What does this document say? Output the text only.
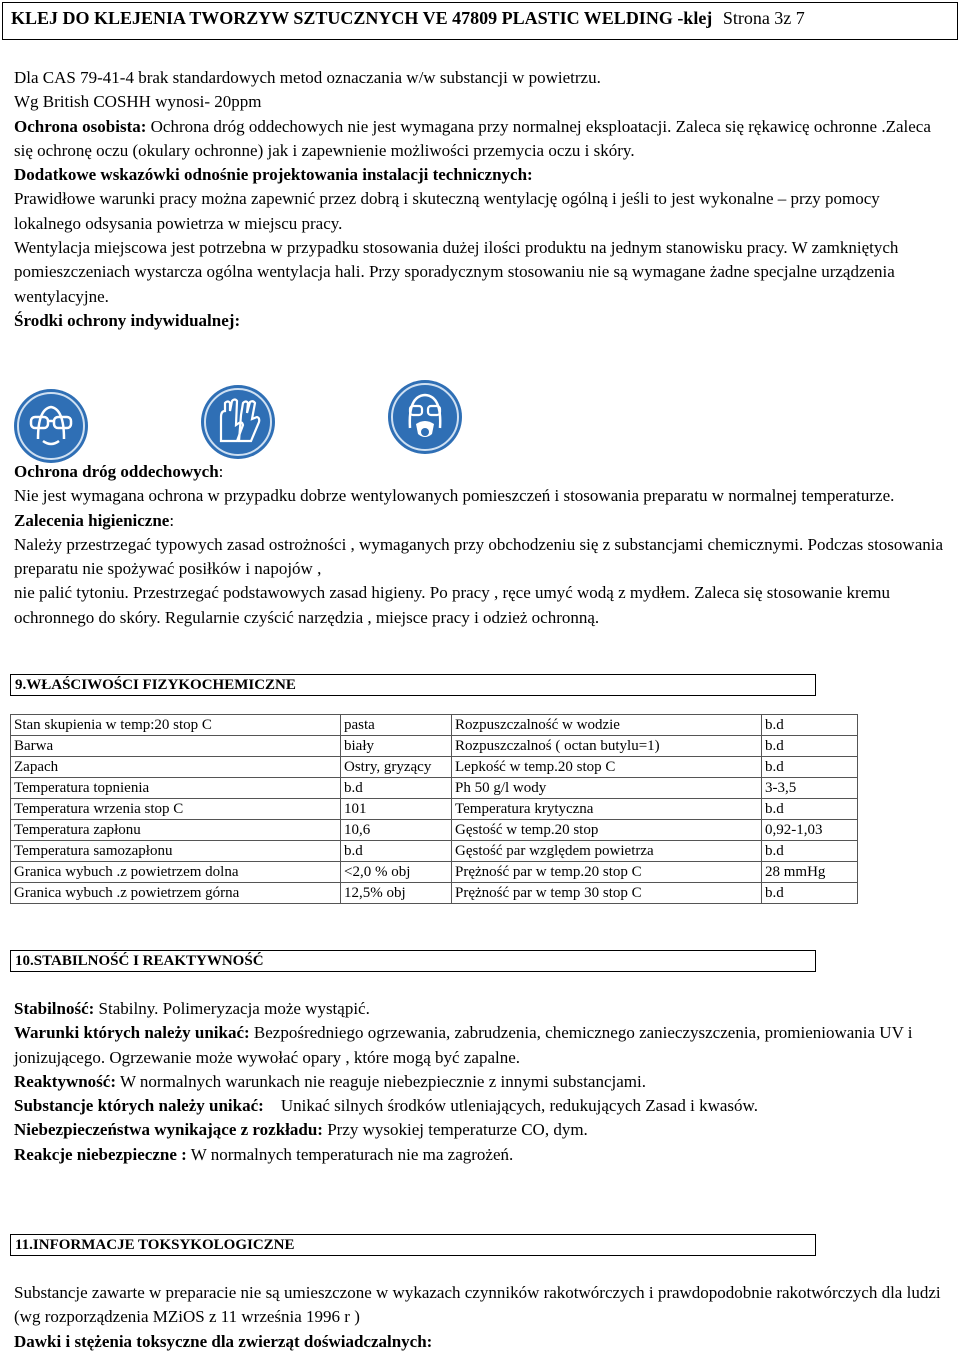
KLEJ DO KLEJENIA TWORZYW SZTUCZNYCH VE 47809 PLASTIC WELDING -klej Strona 3z 7

Dla CAS 79-41-4 brak standardowych metod oznaczania w/w substancji w powietrzu.

Wg British COSHH wynosi- 20ppm

Ochrona osobista: Ochrona dróg oddechowych nie jest wymagana przy normalnej eksploatacji. Zaleca się rękawicę ochronne .Zaleca się ochronę oczu (okulary ochronne) jak i zapewnienie możliwości przemycia oczu i skóry.

Dodatkowe wskazówki odnośnie projektowania instalacji technicznych:

Prawidłowe warunki pracy można zapewnić przez dobrą i skuteczną wentylację ogólną i jeśli to jest wykonalne – przy pomocy lokalnego odsysania powietrza w miejscu pracy.

Wentylacja miejscowa jest potrzebna w przypadku stosowania dużej ilości produktu na jednym stanowisku pracy. W zamkniętych pomieszczeniach wystarcza ogólna wentylacja hali. Przy sporadycznym stosowaniu nie są wymagane żadne specjalne urządzenia wentylacyjne.

Środki ochrony indywidualnej:

Ochrona dróg oddechowych:

Nie jest wymagana ochrona w przypadku dobrze wentylowanych pomieszczeń i stosowania preparatu w normalnej temperaturze.

Zalecenia higieniczne:

Należy przestrzegać typowych zasad ostrożności , wymaganych przy obchodzeniu się z substancjami chemicznymi. Podczas stosowania preparatu nie spożywać posiłków i napojów ,

nie palić tytoniu. Przestrzegać podstawowych zasad higieny. Po pracy , ręce umyć wodą z mydłem. Zaleca się stosowanie kremu ochronnego do skóry. Regularnie czyścić narzędzia , miejsce pracy i odzież ochronną.

9.WŁAŚCIWOŚCI FIZYKOCHEMICZNE
Stan skupienia w temp:20 stop C	pasta	Rozpuszczalność w wodzie	b.d
Barwa	biały	Rozpuszczalnoś ( octan butylu=1)	b.d
Zapach	Ostry, gryzący	Lepkość w temp.20 stop C	b.d
Temperatura topnienia	b.d	Ph 50 g/l wody	3-3,5
Temperatura wrzenia stop C	101	Temperatura krytyczna	b.d
Temperatura zapłonu	10,6	Gęstość w temp.20 stop	0,92-1,03
Temperatura samozapłonu	b.d	Gęstość par względem powietrza	b.d
Granica wybuch .z powietrzem dolna	<2,0 % obj	Prężność par w temp.20 stop C	28 mmHg
Granica wybuch .z powietrzem górna	12,5% obj	Prężność par w temp 30 stop C	b.d
10.STABILNOŚĆ I REAKTYWNOŚĆ

Stabilność: Stabilny. Polimeryzacja może wystąpić.

Warunki których należy unikać: Bezpośredniego ogrzewania, zabrudzenia, chemicznego zanieczyszczenia, promieniowania UV i jonizującego. Ogrzewanie może wywołać opary , które mogą być zapalne.

Reaktywność: W normalnych warunkach nie reaguje niebezpiecznie z innymi substancjami.

Substancje których należy unikać:    Unikać silnych środków utleniających, redukujących Zasad i kwasów.

Niebezpieczeństwa wynikające z rozkładu: Przy wysokiej temperaturze CO, dym.

Reakcje niebezpieczne : W normalnych temperaturach nie ma zagrożeń.

11.INFORMACJE TOKSYKOLOGICZNE

Substancje zawarte w preparacie nie są umieszczone w wykazach czynników rakotwórczych i prawdopodobnie rakotwórczych dla ludzi (wg rozporządzenia MZiOS z 11 września 1996 r )

Dawki i stężenia toksyczne dla zwierząt doświadczalnych:
